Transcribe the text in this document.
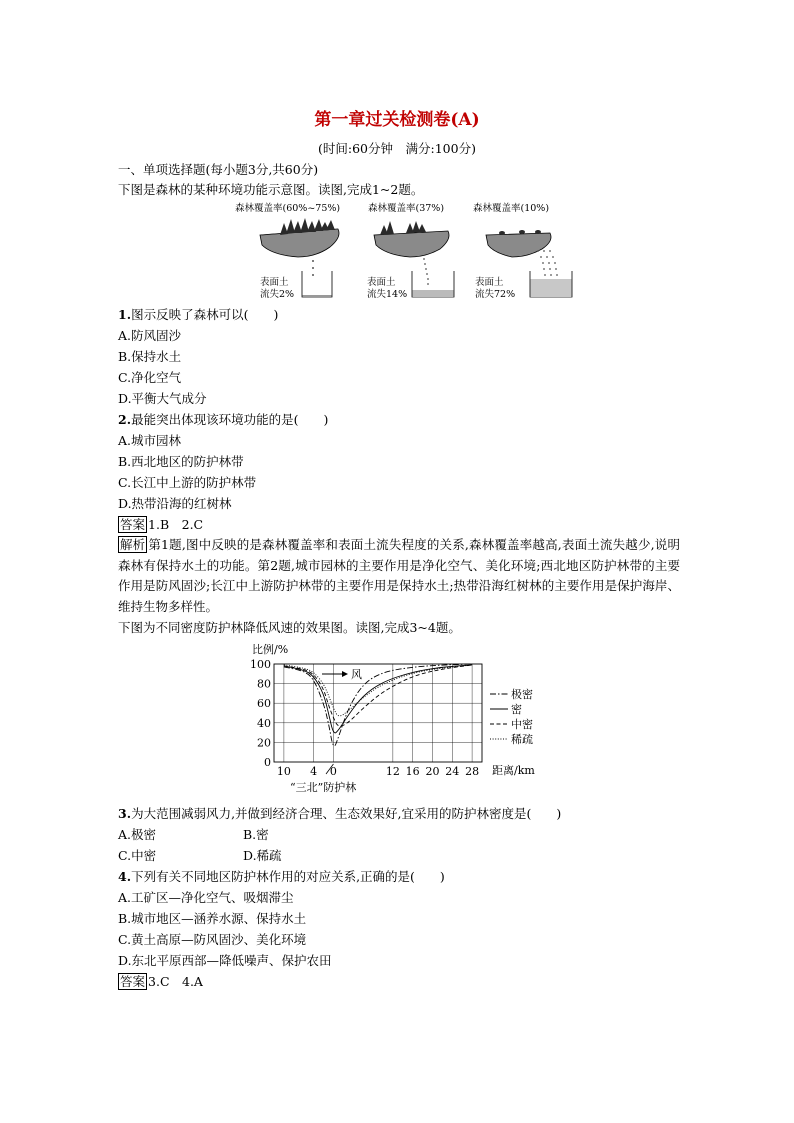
第一章过关检测卷(A)
(时间:60分钟　满分:100分)
一、单项选择题(每小题3分,共60分)
下图是森林的某种环境功能示意图。读图,完成1~2题。
森林覆盖率(60%~75%)	森林覆盖率(37%)	森林覆盖率(10%)
表面土
流失2%
表面土
流失14%
表面土
流失72%
1.图示反映了森林可以(　　)
A.防风固沙
B.保持水土
C.净化空气
D.平衡大气成分
2.最能突出体现该环境功能的是(　　)
A.城市园林
B.西北地区的防护林带
C.长江中上游的防护林带
D.热带沿海的红树林
答案 1.B　2.C
解析 第1题,图中反映的是森林覆盖率和表面土流失程度的关系,森林覆盖率越高,表面土流失越少,说明森林有保持水土的功能。第2题,城市园林的主要作用是净化空气、美化环境;西北地区防护林带的主要作用是防风固沙;长江中上游防护林带的主要作用是保持水土;热带沿海红树林的主要作用是保护海岸、维持生物多样性。
下图为不同密度防护林降低风速的效果图。读图,完成3~4题。
比例/%
100
80
60
40
20
0
10 4 0	12 16 20 24 28 距离/km
风
“三北”防护林
极密
密
中密
稀疏
3.为大范围减弱风力,并做到经济合理、生态效果好,宜采用的防护林密度是(　　)
A.极密	B.密
C.中密	D.稀疏
4.下列有关不同地区防护林作用的对应关系,正确的是(　　)
A.工矿区—净化空气、吸烟滞尘
B.城市地区—涵养水源、保持水土
C.黄土高原—防风固沙、美化环境
D.东北平原西部—降低噪声、保护农田
答案 3.C　4.A
